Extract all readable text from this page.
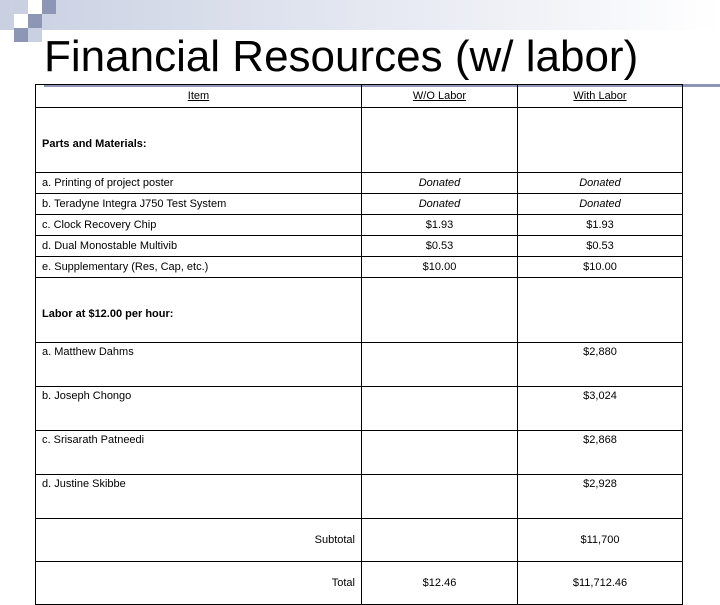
Financial Resources (w/ labor)
Item	W/O Labor	With Labor
Parts and Materials:		
a. Printing of project poster	Donated	Donated
b. Teradyne Integra J750 Test System	Donated	Donated
c. Clock Recovery Chip	$1.93	$1.93
d. Dual Monostable Multivib	$0.53	$0.53
e. Supplementary (Res, Cap, etc.)	$10.00	$10.00
Labor at $12.00 per hour:		
a. Matthew Dahms		$2,880
b. Joseph Chongo		$3,024
c. Srisarath Patneedi		$2,868
d. Justine Skibbe		$2,928
Subtotal		$11,700
Total	$12.46	$11,712.46
